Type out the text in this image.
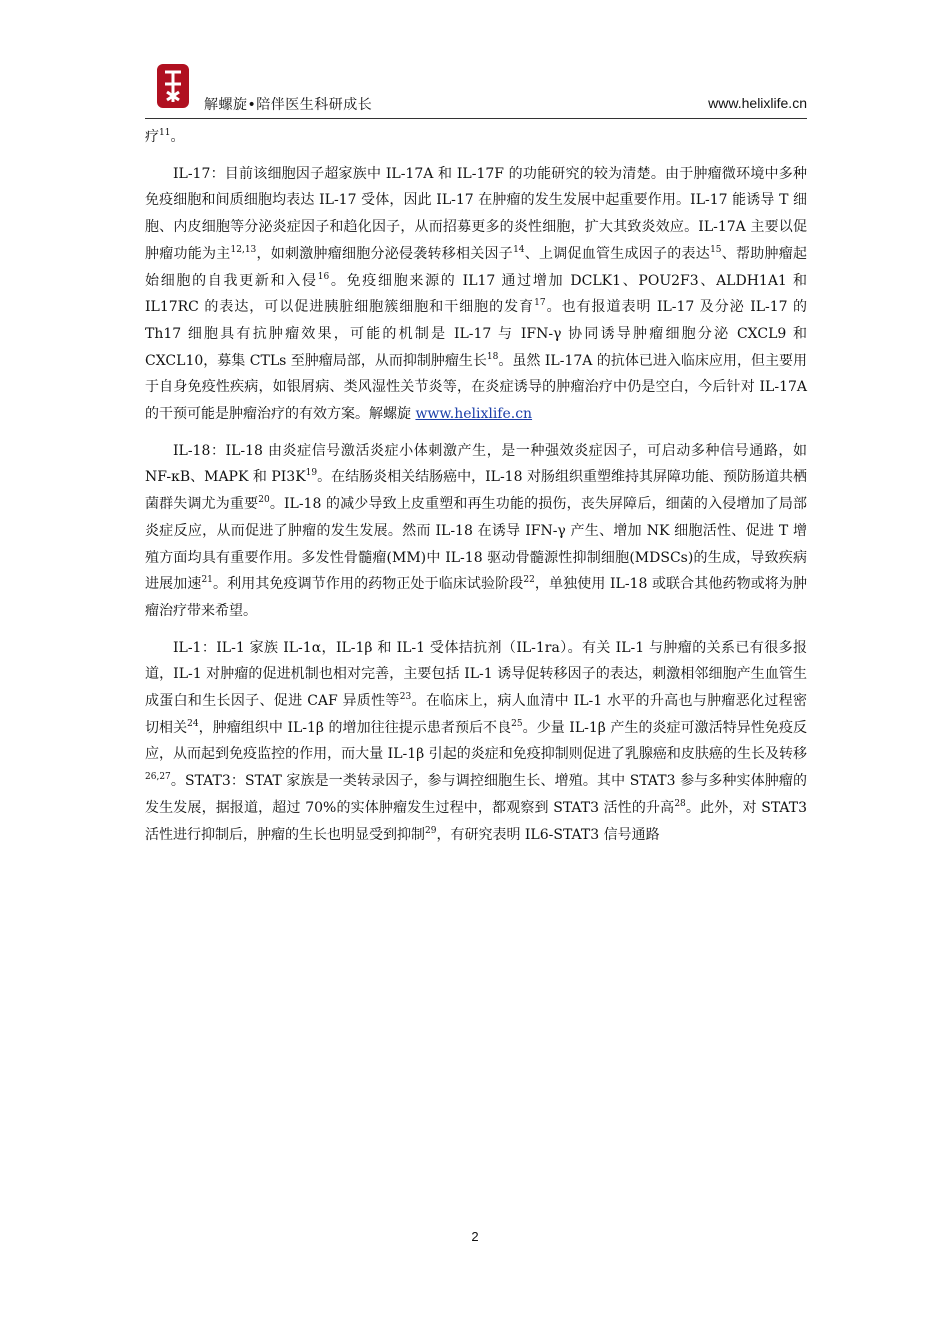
解螺旋•陪伴医生科研成长	www.helixlife.cn

疗$^{11}$。

IL-17：目前该细胞因子超家族中 IL-17A 和 IL-17F 的功能研究的较为清楚。由于肿瘤微环境中多种免疫细胞和间质细胞均表达 IL-17 受体，因此 IL-17 在肿瘤的发生发展中起重要作用。IL-17 能诱导 T 细胞、内皮细胞等分泌炎症因子和趋化因子，从而招募更多的炎性细胞，扩大其致炎效应。IL-17A 主要以促肿瘤功能为主$^{12,13}$，如刺激肿瘤细胞分泌侵袭转移相关因子$^{14}$、上调促血管生成因子的表达$^{15}$、帮助肿瘤起始细胞的自我更新和入侵$^{16}$。免疫细胞来源的 IL17 通过增加 DCLK1、POU2F3、ALDH1A1 和 IL17RC 的表达，可以促进胰脏细胞簇细胞和干细胞的发育$^{17}$。也有报道表明 IL-17 及分泌 IL-17 的 Th17 细胞具有抗肿瘤效果，可能的机制是 IL-17 与 IFN-γ 协同诱导肿瘤细胞分泌 CXCL9 和 CXCL10，募集 CTLs 至肿瘤局部，从而抑制肿瘤生长$^{18}$。虽然 IL-17A 的抗体已进入临床应用，但主要用于自身免疫性疾病，如银屑病、类风湿性关节炎等，在炎症诱导的肿瘤治疗中仍是空白，今后针对 IL-17A 的干预可能是肿瘤治疗的有效方案。解螺旋 www.helixlife.cn

IL-18：IL-18 由炎症信号激活炎症小体刺激产生，是一种强效炎症因子，可启动多种信号通路，如 NF-κB、MAPK 和 $PI3K^{19}$。在结肠炎相关结肠癌中，IL-18 对肠组织重塑维持其屏障功能、预防肠道共栖菌群失调尤为重要$^{20}$。IL-18 的减少导致上皮重塑和再生功能的损伤，丧失屏障后，细菌的入侵增加了局部炎症反应，从而促进了肿瘤的发生发展。然而 IL-18 在诱导 IFN-γ 产生、增加 NK 细胞活性、促进 T 增殖方面均具有重要作用。多发性骨髓瘤(MM)中 IL-18 驱动骨髓源性抑制细胞(MDSCs)的生成，导致疾病进展加速$^{21}$。利用其免疫调节作用的药物正处于临床试验阶段$^{22}$，单独使用 IL-18 或联合其他药物或将为肿瘤治疗带来希望。

IL-1：IL-1 家族 IL-1α，IL-1β 和 IL-1 受体拮抗剂（IL-1ra）。有关 IL-1 与肿瘤的关系已有很多报道，IL-1 对肿瘤的促进机制也相对完善，主要包括 IL-1 诱导促转移因子的表达，刺激相邻细胞产生血管生成蛋白和生长因子、促进 CAF 异质性等$^{23}$。在临床上，病人血清中 IL-1 水平的升高也与肿瘤恶化过程密切相关$^{24}$，肿瘤组织中 IL-1β 的增加往往提示患者预后不良$^{25}$。少量 IL-1β 产生的炎症可激活特异性免疫反应，从而起到免疫监控的作用，而大量 IL-1β 引起的炎症和免疫抑制则促进了乳腺癌和皮肤癌的生长及转移$^{26,27}$。STAT3：STAT 家族是一类转录因子，参与调控细胞生长、增殖。其中 STAT3 参与多种实体肿瘤的发生发展，据报道，超过 70%的实体肿瘤发生过程中，都观察到 STAT3 活性的升高$^{28}$。此外，对 STAT3 活性进行抑制后，肿瘤的生长也明显受到抑制$^{29}$，有研究表明 IL6-STAT3 信号通路

2
